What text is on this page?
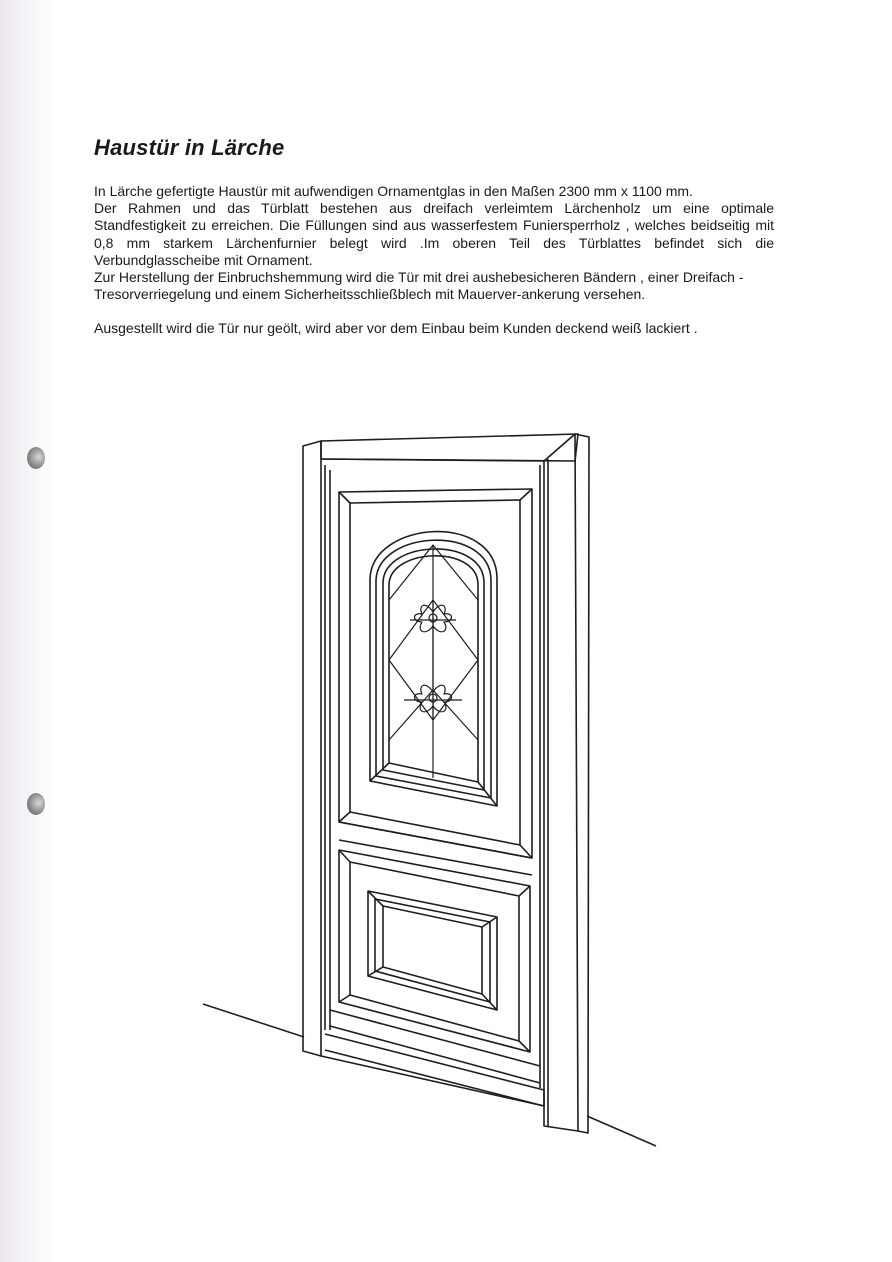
Haustür in Lärche

In Lärche gefertigte Haustür mit aufwendigen Ornamentglas in den Maßen 2300 mm x 1100 mm.

Der Rahmen und das Türblatt bestehen aus dreifach verleimtem Lärchenholz um eine optimale Standfestigkeit zu erreichen. Die Füllungen sind aus wasserfestem Funiersperrholz , welches beidseitig mit 0,8 mm starkem Lärchenfurnier belegt wird .Im oberen Teil des Türblattes befindet sich die Verbundglasscheibe mit Ornament.

Zur Herstellung der Einbruchshemmung wird die Tür mit drei aushebesicheren Bändern , einer Dreifach - Tresorverriegelung und einem Sicherheitsschließblech mit Mauerver-ankerung versehen.

Ausgestellt wird die Tür nur geölt, wird aber vor dem Einbau beim Kunden deckend weiß lackiert .
